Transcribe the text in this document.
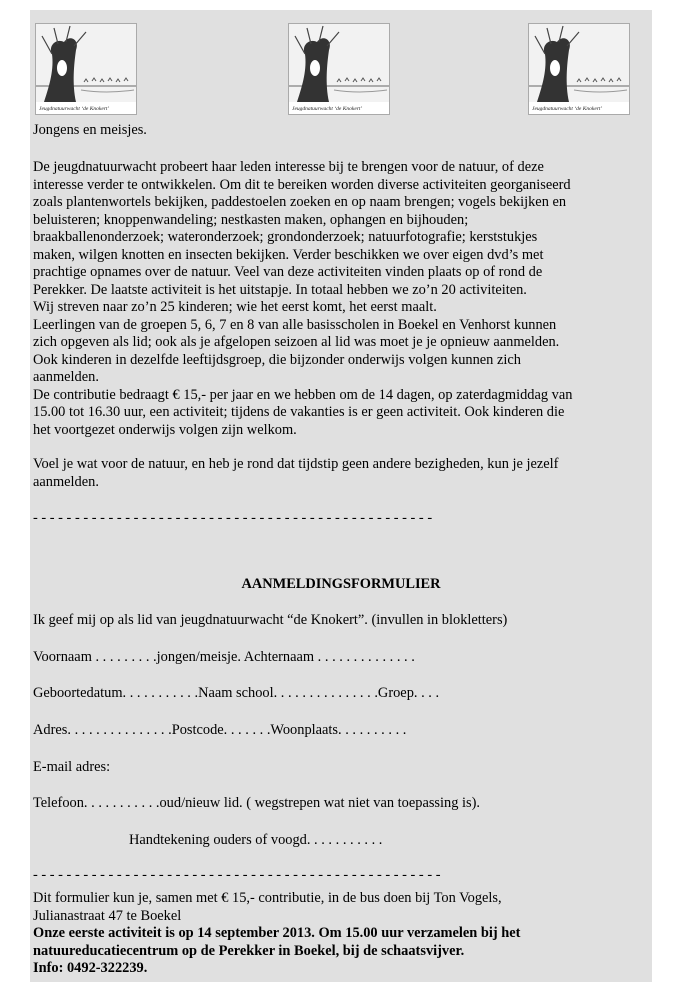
Jeugdnatuurwacht ‘de Knokert’	Jeugdnatuurwacht ‘de Knokert’	Jeugdnatuurwacht ‘de Knokert’
Jongens en meisjes.
De jeugdnatuurwacht probeert haar leden interesse bij te brengen voor de natuur, of deze
interesse verder te ontwikkelen. Om dit te bereiken worden diverse activiteiten georganiseerd
zoals plantenwortels bekijken, paddestoelen zoeken en op naam brengen; vogels bekijken en
beluisteren; knoppenwandeling; nestkasten maken, ophangen en bijhouden;
braakballenonderzoek; wateronderzoek; grondonderzoek; natuurfotografie; kerststukjes
maken, wilgen knotten en insecten bekijken. Verder beschikken we over eigen dvd’s met
prachtige opnames over de natuur. Veel van deze activiteiten vinden plaats op of rond de
Perekker. De laatste activiteit is het uitstapje. In totaal hebben we zo’n 20 activiteiten.
Wij streven naar zo’n 25 kinderen; wie het eerst komt, het eerst maalt.
Leerlingen van de groepen 5, 6, 7 en 8 van alle basisscholen in Boekel en Venhorst kunnen
zich opgeven als lid; ook als je afgelopen seizoen al lid was moet je je opnieuw aanmelden.
Ook kinderen in dezelfde leeftijdsgroep, die bijzonder onderwijs volgen kunnen zich
aanmelden.
De contributie bedraagt € 15,- per jaar en we hebben om de 14 dagen, op zaterdagmiddag van
15.00 tot 16.30 uur, een activiteit; tijdens de vakanties is er geen activiteit. Ook kinderen die
het voortgezet onderwijs volgen zijn welkom.
Voel je wat voor de natuur, en heb je rond dat tijdstip geen andere bezigheden, kun je jezelf
aanmelden.
- - - - - - - - - - - - - - - - - - - - - - - - - - - - - - - - - - - - - - - - - - - - - - - -
AANMELDINGSFORMULIER
Ik geef mij op als lid van jeugdnatuurwacht “de Knokert”. (invullen in blokletters)
Voornaam . . . . . . . . .jongen/meisje. Achternaam . . . . . . . . . . . . . .
Geboortedatum. . . . . . . . . . .Naam school. . . . . . . . . . . . . . .Groep. . . .
Adres. . . . . . . . . . . . . . .Postcode. . . . . . .Woonplaats. . . . . . . . . .
E-mail adres:
Telefoon. . . . . . . . . . .oud/nieuw lid. ( wegstrepen wat niet van toepassing is).
Handtekening ouders of voogd. . . . . . . . . . .
- - - - - - - - - - - - - - - - - - - - - - - - - - - - - - - - - - - - - - - - - - - - - - - - -
Dit formulier kun je, samen met € 15,- contributie, in de bus doen bij Ton Vogels,
Julianastraat 47 te Boekel
Onze eerste activiteit is op 14 september 2013. Om 15.00 uur verzamelen bij het
natuureducatiecentrum op de Perekker in Boekel, bij de schaatsvijver.
Info: 0492-322239.
